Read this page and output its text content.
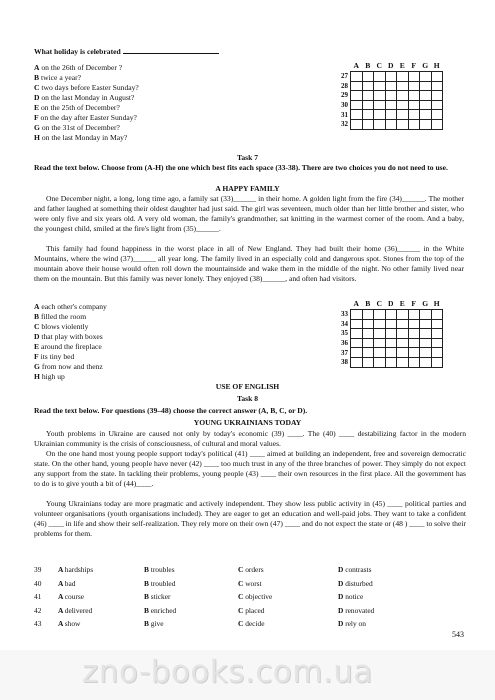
What holiday is celebrated
A on the 26th of December ?
B twice a year?
C two days before Easter Sunday?
D on the last Monday in August?
E on the 25th of December?
F on the day after Easter Sunday?
G on the 31st of December?
H on the last Monday in May?
	A	B	C	D	E	F	G	H
27								
28								
29								
30								
31								
32								
Task 7
Read the text below. Choose from (A-H) the one which best fits each space (33-38). There are two choices you do not need to use.
A HAPPY FAMILY
One December night, a long, long time ago, a family sat (33)______ in their home. A golden light from the fire (34)______. The mother and father laughed at something their oldest daughter had just said. The girl was seventeen, much older than her little brother and sister, who were only five and six years old. A very old woman, the family's grandmother, sat knitting in the warmest corner of the room. And a baby, the youngest child, smiled at the fire's light from (35)______.
This family had found happiness in the worst place in all of New England. They had built their home (36)______ in the White Mountains, where the wind (37)______ all year long. The family lived in an especially cold and dangerous spot. Stones from the top of the mountain above their house would often roll down the mountainside and wake them in the middle of the night. No other family lived near them on the mountain. But this family was never lonely. They enjoyed (38)______, and often had visitors.
A each other's company
B filled the room
C blows violently
D that play with boxes
E around the fireplace
F its tiny bed
G from now and thenz
H high up
	A	B	C	D	E	F	G	H
33								
34								
35								
36								
37								
38								
USE OF ENGLISH
Task 8
Read the text below. For questions (39–48) choose the correct answer (A, B, C, or D).
YOUNG UKRAINIANS TODAY
Youth problems in Ukraine are caused not only by today's economic (39) ____. The (40) ____ destabilizing factor in the modern Ukrainian community is the crisis of consciousness, of cultural and moral values.
On the one hand most young people support today's political (41) ____ aimed at building an independent, free and sovereign democratic state. On the other hand, young people have never (42) ____ too much trust in any of the three branches of power. They simply do not expect any support from the state. In tackling their problems, young people (43) ____ their own resources in the first place. All the government has to do is to give youth a bit of (44)____.
Young Ukrainians today are more pragmatic and actively independent. They show less public activity in (45) ____ political parties and volunteer organisations (youth organisations included). They are eager to get an education and well-paid jobs. They want to take a confident (46) ____ in life and show their self-realization. They rely more on their own (47) ____ and do not expect the state or (48 ) ____ to solve their problems for them.
39 A hardships	B troubles	C orders	D contrasts
40 A bad	B troubled	C worst	D disturbed
41 A course	B sticker	C objective	D notice
42 A delivered	B enriched	C placed	D renovated
43 A show	B give	C decide	D rely on
543
zno-books.com.ua
